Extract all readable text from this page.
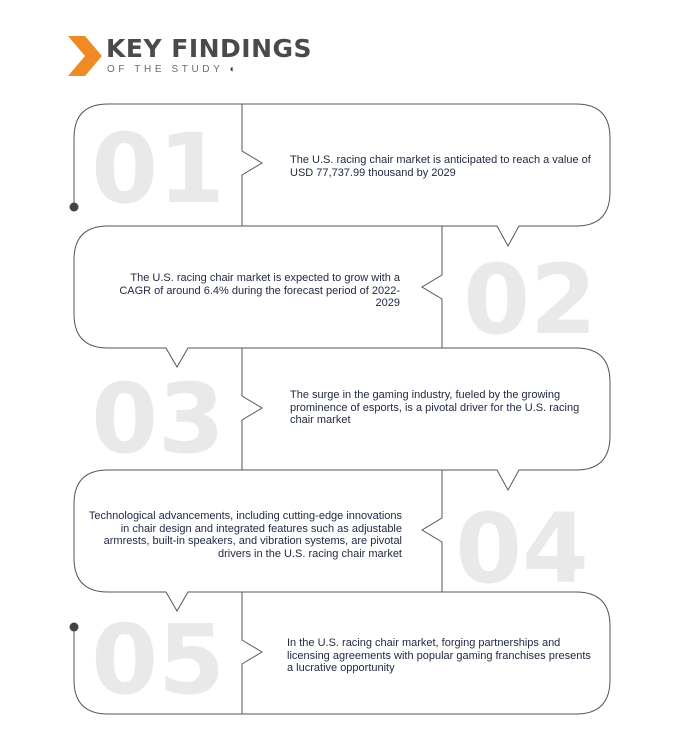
KEY FINDINGS
OF THE STUDY ◐
01
02
03
04
05
The U.S. racing chair market is anticipated to reach a value of USD 77,737.99 thousand by 2029
The U.S. racing chair market is expected to grow with a CAGR of around 6.4% during the forecast period of 2022-2029
The surge in the gaming industry, fueled by the growing prominence of esports, is a pivotal driver for the U.S. racing chair market
Technological advancements, including cutting-edge innovations in chair design and integrated features such as adjustable armrests, built-in speakers, and vibration systems, are pivotal drivers in the U.S. racing chair market
In the U.S. racing chair market, forging partnerships and licensing agreements with popular gaming franchises presents a lucrative opportunity
